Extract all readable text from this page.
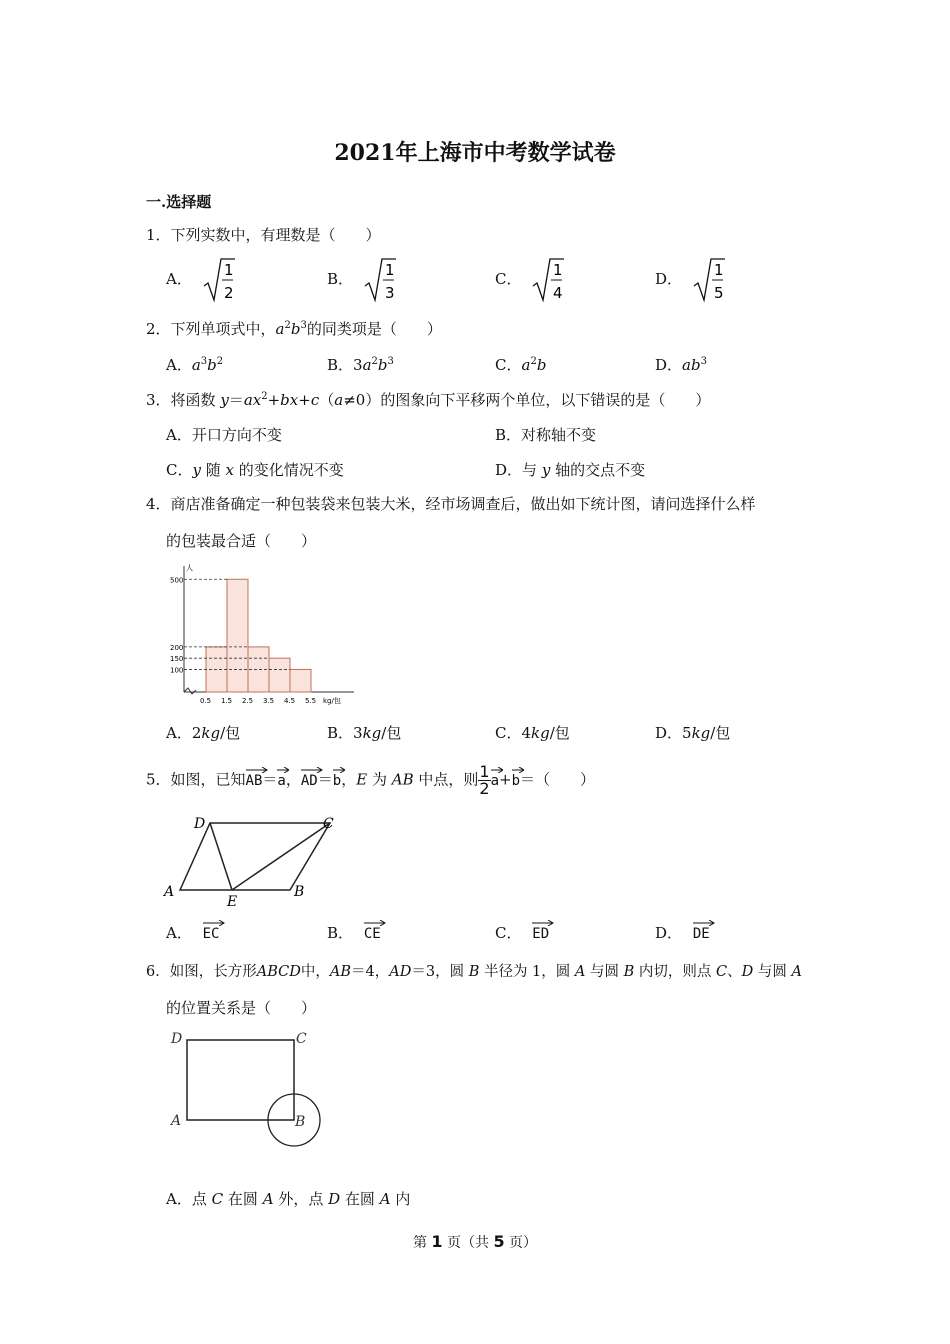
2021年上海市中考数学试卷
一.选择题
1．下列实数中，有理数是（　　）
A． 1
2
B． 1
3
C． 1
4
D． 1
5
2．下列单项式中，$a^2b^3$的同类项是（　　）
A．$a^3b^2$	B．$3a^2b^3$	C．$a^2b$	D．$ab^3$
3．将函数 $y=ax^2+bx+c(a\ne 0)$的图象向下平移两个单位，以下错误的是（　　）
A．开口方向不变	B．对称轴不变
C．y 随 x 的变化情况不变	D．与 y 轴的交点不变
4．商店准备确定一种包装袋来包装大米，经市场调查后，做出如下统计图，请问选择什么样
的包装最合适（　　）
100
150
200
500
0.5 1.5 2.5 3.5 4.5 5.5 kg/包
人
A．2kg/包	B．3kg/包	C．4kg/包	D．5kg/包
5．如图，已知
AB＝
a，
AD＝
b，E 为 AB 中点，则 $\frac{1}{2} a+$
b＝（　　）
A	B
C
D
E
A． EC	B． CE	C． ED	D． DE
6．如图，长方形ABCD中，AB＝4，AD＝3，圆 B 半径为 1，圆 A 与圆 B 内切，则点 C、D 与圆 A
的位置关系是（　　）
A	B
C
D
A．点 C 在圆 A 外，点 D 在圆 A 内
第 1 页（共 5 页）
